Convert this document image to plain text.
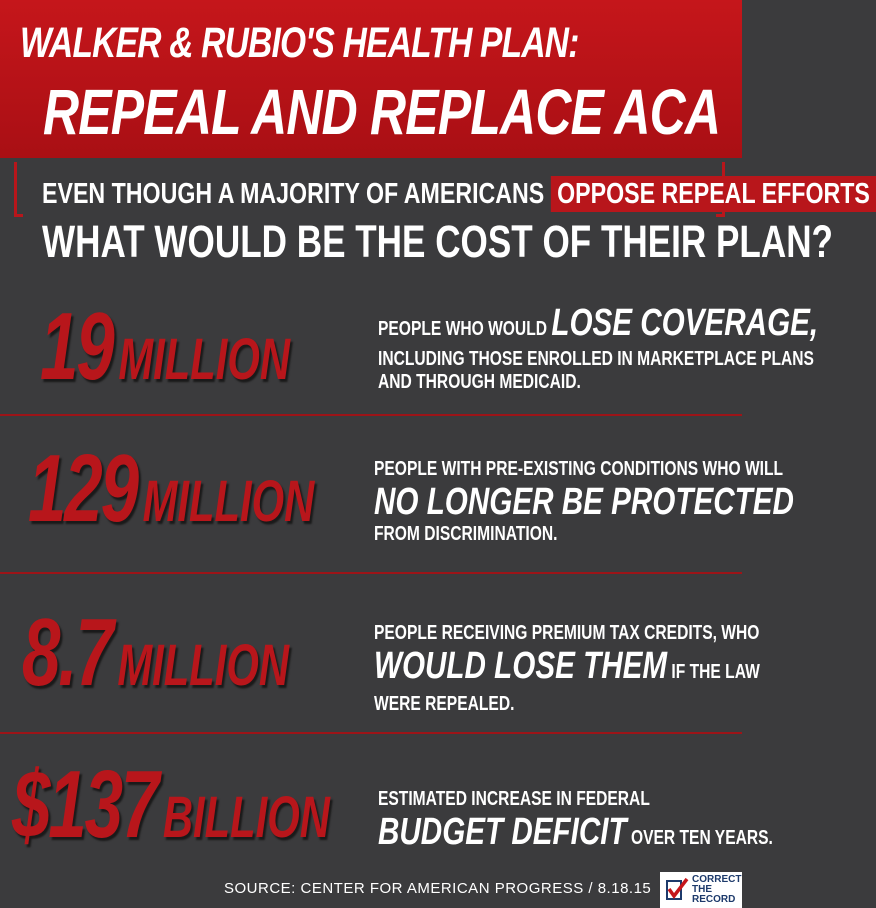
WALKER & RUBIO'S HEALTH PLAN:
REPEAL AND REPLACE ACA
EVEN THOUGH A MAJORITY OF AMERICANS OPPOSE REPEAL EFFORTS
WHAT WOULD BE THE COST OF THEIR PLAN?
19MILLION	PEOPLE WHO WOULD LOSE COVERAGE,
INCLUDING THOSE ENROLLED IN MARKETPLACE PLANS
AND THROUGH MEDICAID.
129MILLION	PEOPLE WITH PRE-EXISTING CONDITIONS WHO WILL
NO LONGER BE PROTECTED
FROM DISCRIMINATION.
8.7MILLION	PEOPLE RECEIVING PREMIUM TAX CREDITS, WHO
WOULD LOSE THEM IF THE LAW
WERE REPEALED.
$137BILLION ESTIMATED INCREASE IN FEDERAL
BUDGET DEFICIT OVER TEN YEARS.
SOURCE: CENTER FOR AMERICAN PROGRESS / 8.18.15
CORRECT
THE
RECORD
